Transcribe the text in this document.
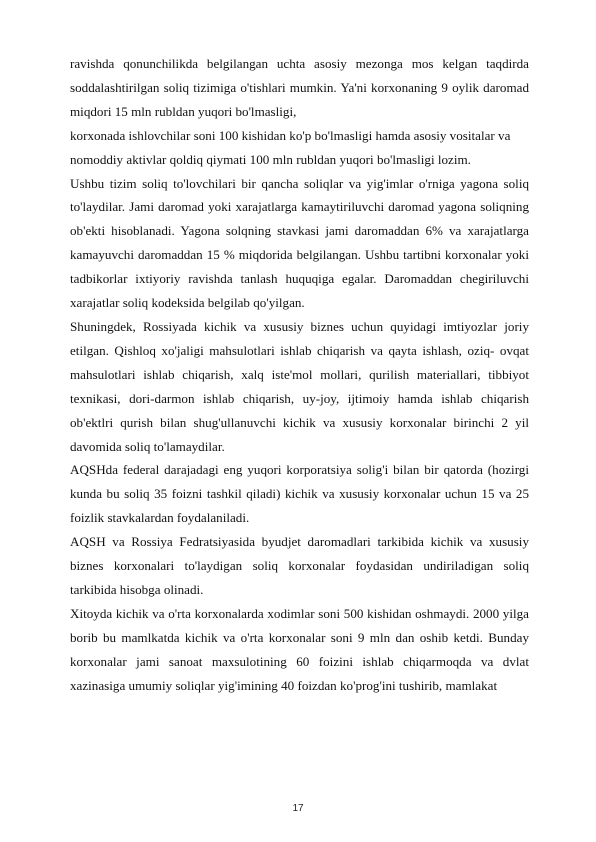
ravishda qonunchilikda belgilangan uchta asosiy mezonga mos kelgan taqdirda soddalashtirilgan soliq tizimiga o'tishlari mumkin. Ya'ni korxonaning 9 oylik daromad miqdori 15 mln rubldan yuqori bo'lmasligi,

korxonada ishlovchilar soni 100 kishidan ko'p bo'lmasligi hamda asosiy vositalar va

nomoddiy aktivlar qoldiq qiymati 100 mln rubldan yuqori bo'lmasligi lozim.

Ushbu tizim soliq to'lovchilari bir qancha soliqlar va yig'imlar o'rniga yagona soliq to'laydilar. Jami daromad yoki xarajatlarga kamaytiriluvchi daromad yagona soliqning ob'ekti hisoblanadi. Yagona solqning stavkasi jami daromaddan 6% va xarajatlarga kamayuvchi daromaddan 15 % miqdorida belgilangan. Ushbu tartibni korxonalar yoki tadbikorlar ixtiyoriy ravishda tanlash huquqiga egalar. Daromaddan chegiriluvchi xarajatlar soliq kodeksida belgilab qo'yilgan.

Shuningdek, Rossiyada kichik va xususiy biznes uchun quyidagi imtiyozlar joriy etilgan. Qishloq xo'jaligi mahsulotlari ishlab chiqarish va qayta ishlash, oziq- ovqat mahsulotlari ishlab chiqarish, xalq iste'mol mollari, qurilish materiallari, tibbiyot texnikasi, dori-darmon ishlab chiqarish, uy-joy, ijtimoiy hamda ishlab chiqarish ob'ektlri qurish bilan shug'ullanuvchi kichik va xususiy korxonalar birinchi 2 yil davomida soliq to'lamaydilar.

AQSHda federal darajadagi eng yuqori korporatsiya solig'i bilan bir qatorda (hozirgi kunda bu soliq 35 foizni tashkil qiladi) kichik va xususiy korxonalar uchun 15 va 25 foizlik stavkalardan foydalaniladi.

AQSH va Rossiya Fedratsiyasida byudjet daromadlari tarkibida kichik va xususiy biznes korxonalari to'laydigan soliq korxonalar foydasidan undiriladigan soliq tarkibida hisobga olinadi.

Xitoyda kichik va o'rta korxonalarda xodimlar soni 500 kishidan oshmaydi. 2000 yilga borib bu mamlkatda kichik va o'rta korxonalar soni 9 mln dan oshib ketdi. Bunday korxonalar jami sanoat maxsulotining 60 foizini ishlab chiqarmoqda va dvlat xazinasiga umumiy soliqlar yig'imining 40 foizdan ko'prog'ini tushirib, mamlakat

17
